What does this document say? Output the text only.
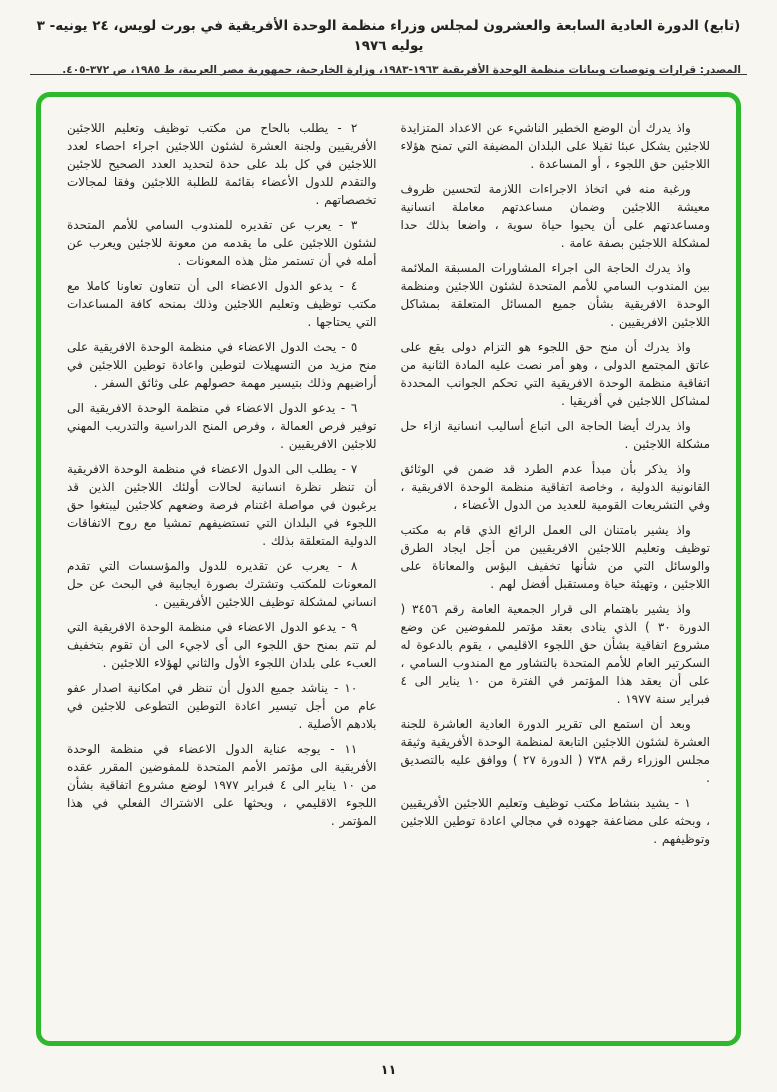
(تابع) الدورة العادية السابعة والعشرون لمجلس وزراء منظمة الوحدة الأفريقية في بورت لويس، ٢٤ يونيه- ٣ يوليه ١٩٧٦
المصدر: قرارات وتوصيات وبيانات منظمة الوحدة الأفريقية ١٩٦٣-١٩٨٣، وزارة الخارجية، جمهورية مصر العربية، ط ١٩٨٥، ص ٣٧٢-٤٠٥.

واذ يدرك أن الوضع الخطير الناشيء عن الاعداد المتزايدة للاجئين يشكل عبئا ثقيلا على البلدان المضيفة التي تمنح هؤلاء اللاجئين حق اللجوء ، أو المساعدة .

ورغبة منه في اتخاذ الاجراءات اللازمة لتحسين ظروف معيشة اللاجئين وضمان مساعدتهم معاملة انسانية ومساعدتهم على أن يحيوا حياة سوية ، واضعا بذلك حدا لمشكلة اللاجئين بصفة عامة .

واذ يدرك الحاجة الى اجراء المشاورات المسبقة الملائمة بين المندوب السامي للأمم المتحدة لشئون اللاجئين ومنظمة الوحدة الافريقية بشأن جميع المسائل المتعلقة بمشاكل اللاجئين الافريقيين .

واذ يدرك أن منح حق اللجوء هو التزام دولى يقع على عاتق المجتمع الدولى ، وهو أمر نصت عليه المادة الثانية من اتفاقية منظمة الوحدة الافريقية التي تحكم الجوانب المحددة لمشاكل اللاجئين في أفريقيا .

واذ يدرك أيضا الحاجة الى اتباع أساليب انسانية ازاء حل مشكلة اللاجئين .

واذ يذكر بأن مبدأ عدم الطرد قد ضمن في الوثائق القانونية الدولية ، وخاصة اتفاقية منظمة الوحدة الافريقية ، وفي التشريعات القومية للعديد من الدول الأعضاء ،

واذ يشير بامتنان الى العمل الرائع الذي قام به مكتب توظيف وتعليم اللاجئين الافريقيين من أجل ايجاد الطرق والوسائل التي من شأنها تخفيف البؤس والمعاناة على اللاجئين ، وتهيئة حياة ومستقبل أفضل لهم .

واذ يشير باهتمام الى قرار الجمعية العامة رقم ٣٤٥٦ ( الدورة ٣٠ ) الذي ينادى بعقد مؤتمر للمفوضين عن وضع مشروع اتفاقية بشأن حق اللجوء الاقليمي ، يقوم بالدعوة له السكرتير العام للأمم المتحدة بالتشاور مع المندوب السامي ، على أن يعقد هذا المؤتمر في الفترة من ١٠ يناير الى ٤ فبراير سنة ١٩٧٧ .

وبعد أن استمع الى تقرير الدورة العادية العاشرة للجنة العشرة لشئون اللاجئين التابعة لمنظمة الوحدة الأفريقية وثيقة مجلس الوزراء رقم ٧٣٨ ( الدورة ٢٧ ) ووافق عليه بالتصديق .

١ - يشيد بنشاط مكتب توظيف وتعليم اللاجئين الأفريقيين ، وبحثه على مضاعفة جهوده في مجالي اعادة توطين اللاجئين وتوظيفهم .

٢ - يطلب بالحاح من مكتب توظيف وتعليم اللاجئين الأفريقيين ولجنة العشرة لشئون اللاجئين اجراء احصاء لعدد اللاجئين في كل بلد على حدة لتحديد العدد الصحيح للاجئين والتقدم للدول الأعضاء بقائمة للطلبة اللاجئين وفقا لمجالات تخصصاتهم .

٣ - يعرب عن تقديره للمندوب السامي للأمم المتحدة لشئون اللاجئين على ما يقدمه من معونة للاجئين ويعرب عن أمله في أن تستمر مثل هذه المعونات .

٤ - يدعو الدول الاعضاء الى أن تتعاون تعاونا كاملا مع مكتب توظيف وتعليم اللاجئين وذلك بمنحه كافة المساعدات التي يحتاجها .

٥ - يحث الدول الاعضاء في منظمة الوحدة الافريقية على منح مزيد من التسهيلات لتوطين واعادة توطين اللاجئين في أراضيهم وذلك بتيسير مهمة حصولهم على وثائق السفر .

٦ - يدعو الدول الاعضاء في منظمة الوحدة الافريقية الى توفير فرص العمالة ، وفرص المنح الدراسية والتدريب المهني للاجئين الافريقيين .

٧ - يطلب الى الدول الاعضاء في منظمة الوحدة الافريقية أن تنظر نظرة انسانية لحالات أولئك اللاجئين الذين قد يرغبون في مواصلة اغتنام فرصة وضعهم كلاجئين ليبتغوا حق اللجوء في البلدان التي تستضيفهم تمشيا مع روح الاتفاقات الدولية المتعلقة بذلك .

٨ - يعرب عن تقديره للدول والمؤسسات التي تقدم المعونات للمكتب وتشترك بصورة ايجابية في البحث عن حل انساني لمشكلة توظيف اللاجئين الأفريقيين .

٩ - يدعو الدول الاعضاء في منظمة الوحدة الافريقية التي لم تتم بمنح حق اللجوء الى أى لاجيء الى أن تقوم بتخفيف العبء على بلدان اللجوء الأول والثاني لهؤلاء اللاجئين .

١٠ - يناشد جميع الدول أن تنظر في امكانية اصدار عفو عام من أجل تيسير اعادة التوطين التطوعى للاجئين في بلادهم الأصلية .

١١ - يوجه عناية الدول الاعضاء في منظمة الوحدة الأفريقية الى مؤتمر الأمم المتحدة للمفوضين المقرر عقده من ١٠ يناير الى ٤ فبراير ١٩٧٧ لوضع مشروع اتفاقية بشأن اللجوء الاقليمي ، ويحثها على الاشتراك الفعلي في هذا المؤتمر .

١١
